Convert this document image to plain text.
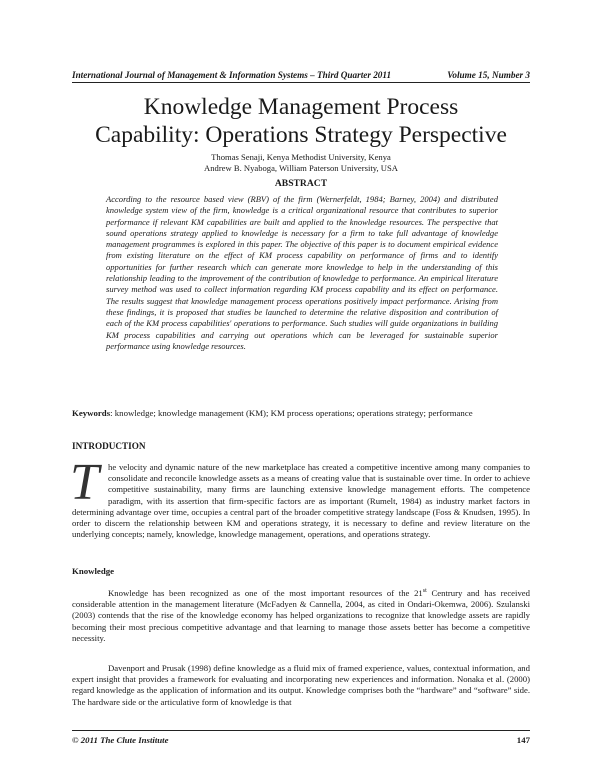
International Journal of Management & Information Systems – Third Quarter 2011	Volume 15, Number 3
Knowledge Management Process
Capability: Operations Strategy Perspective
Thomas Senaji, Kenya Methodist University, Kenya
Andrew B. Nyaboga, William Paterson University, USA
ABSTRACT
According to the resource based view (RBV) of the firm (Wernerfeldt, 1984; Barney, 2004) and distributed knowledge system view of the firm, knowledge is a critical organizational resource that contributes to superior performance if relevant KM capabilities are built and applied to the knowledge resources. The perspective that sound operations strategy applied to knowledge is necessary for a firm to take full advantage of knowledge management programmes is explored in this paper. The objective of this paper is to document empirical evidence from existing literature on the effect of KM process capability on performance of firms and to identify opportunities for further research which can generate more knowledge to help in the understanding of this relationship leading to the improvement of the contribution of knowledge to performance. An empirical literature survey method was used to collect information regarding KM process capability and its effect on performance. The results suggest that knowledge management process operations positively impact performance. Arising from these findings, it is proposed that studies be launched to determine the relative disposition and contribution of each of the KM process capabilities' operations to performance. Such studies will guide organizations in building KM process capabilities and carrying out operations which can be leveraged for sustainable superior performance using knowledge resources.
Keywords: knowledge; knowledge management (KM); KM process operations; operations strategy; performance
INTRODUCTION
T	he velocity and dynamic nature of the new marketplace has created a competitive incentive among many companies to consolidate and reconcile knowledge assets as a means of creating value that is sustainable over time. In order to achieve competitive sustainability, many firms are launching extensive knowledge management efforts. The competence paradigm, with its assertion that firm-specific factors are as important (Rumelt, 1984) as industry market factors in determining advantage over time, occupies a central part of the broader competitive strategy landscape (Foss & Knudsen, 1995). In order to discern the relationship between KM and operations strategy, it is necessary to define and review literature on the underlying concepts; namely, knowledge, knowledge management, operations, and operations strategy.
Knowledge
Knowledge has been recognized as one of the most important resources of the 21st Centrury and has received considerable attention in the management literature (McFadyen & Cannella, 2004, as cited in Ondari-Okemwa, 2006). Szulanski (2003) contends that the rise of the knowledge economy has helped organizations to recognize that knowledge assets are rapidly becoming their most precious competitive advantage and that learning to manage those assets better has become a competitive necessity.
Davenport and Prusak (1998) define knowledge as a fluid mix of framed experience, values, contextual information, and expert insight that provides a framework for evaluating and incorporating new experiences and information. Nonaka et al. (2000) regard knowledge as the application of information and its output. Knowledge comprises both the “hardware” and “software” side. The hardware side or the articulative form of knowledge is that
© 2011 The Clute Institute	147
